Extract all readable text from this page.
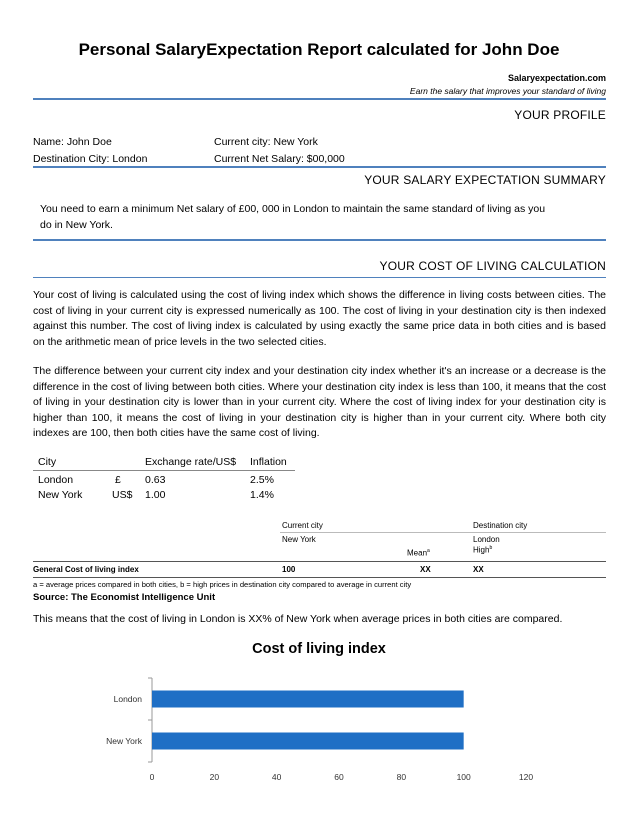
Personal SalaryExpectation Report calculated for John Doe
Salaryexpectation.com
Earn the salary that improves your standard of living
YOUR PROFILE
Name: John Doe	Current city: New York
Destination City: London	Current Net Salary: $00,000
YOUR SALARY EXPECTATION SUMMARY
You need to earn a minimum Net salary of £00, 000 in London to maintain the same standard of living as you
do in New York.
YOUR COST OF LIVING CALCULATION
Your cost of living is calculated using the cost of living index which shows the difference in living costs between cities. The cost of living in your current city is expressed numerically as 100. The cost of living in your destination city is then indexed against this number. The cost of living index is calculated by using exactly the same price data in both cities and is based on the arithmetic mean of price levels in the two selected cities.
The difference between your current city index and your destination city index whether it's an increase or a decrease is the difference in the cost of living between both cities. Where your destination city index is less than 100, it means that the cost of living in your destination city is lower than in your current city. Where the cost of living index for your destination city is higher than 100, it means the cost of living in your destination city is higher than in your current city. Where both city indexes are 100, then both cities have the same cost of living.
City	Exchange rate/US$ Inflation
London	£ 0.63	2.5%
New York	US$ 1.00	1.4%
Current city	Destination city
New York	London
Mean$^a$	High$^b$
General Cost of living index	100	XX	XX
a = average prices compared in both cities, b = high prices in destination city compared to average in current city
Source: The Economist Intelligence Unit
This means that the cost of living in London is XX% of New York when average prices in both cities are compared.
Cost of living index
London
New York
0	20	40	60	80	100	120
